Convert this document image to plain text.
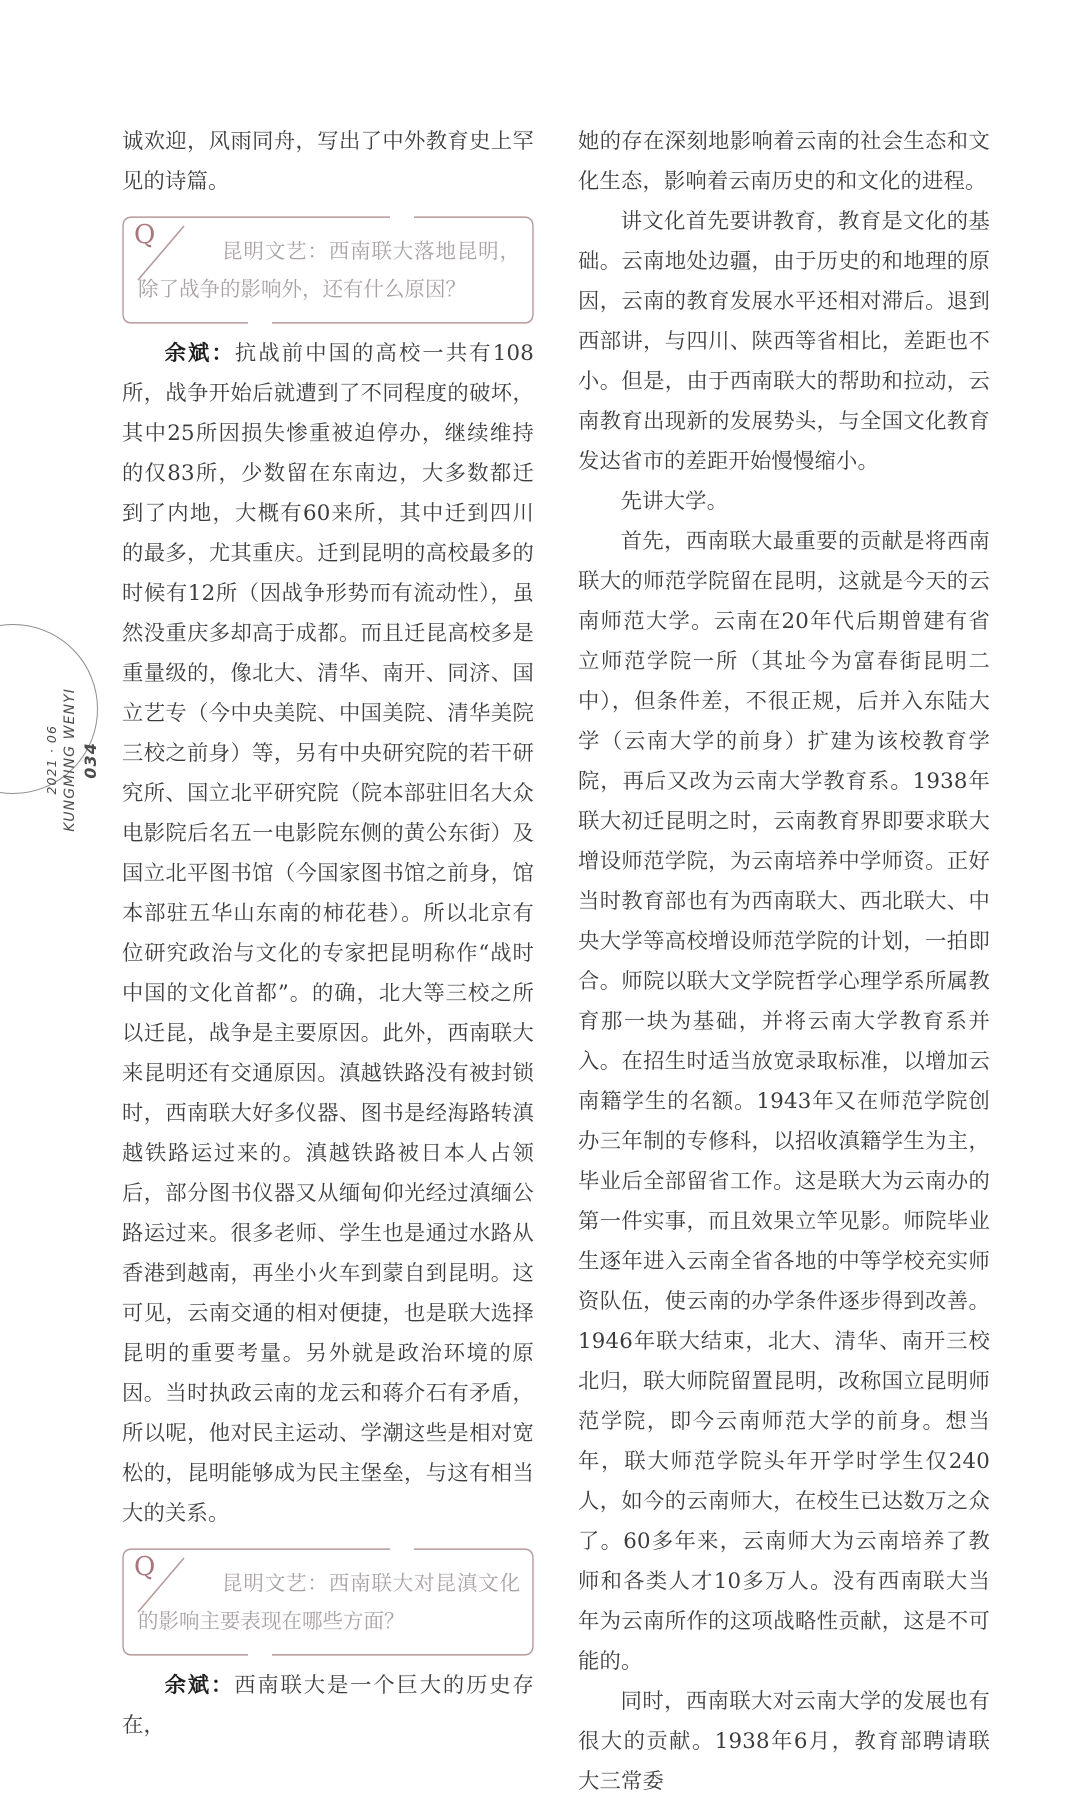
034
KUNGMING WENYI
2021 · 06

诚欢迎，风雨同舟，写出了中外教育史上罕见的诗篇。

Q

昆明文艺：西南联大落地昆明，除了战争的影响外，还有什么原因？

余斌：抗战前中国的高校一共有108所，战争开始后就遭到了不同程度的破坏，其中25所因损失惨重被迫停办，继续维持的仅83所，少数留在东南边，大多数都迁到了内地，大概有60来所，其中迁到四川的最多，尤其重庆。迁到昆明的高校最多的时候有12所（因战争形势而有流动性），虽然没重庆多却高于成都。而且迁昆高校多是重量级的，像北大、清华、南开、同济、国立艺专（今中央美院、中国美院、清华美院三校之前身）等，另有中央研究院的若干研究所、国立北平研究院（院本部驻旧名大众电影院后名五一电影院东侧的黄公东街）及国立北平图书馆（今国家图书馆之前身，馆本部驻五华山东南的柿花巷）。所以北京有位研究政治与文化的专家把昆明称作“战时中国的文化首都”。的确，北大等三校之所以迁昆，战争是主要原因。此外，西南联大来昆明还有交通原因。滇越铁路没有被封锁时，西南联大好多仪器、图书是经海路转滇越铁路运过来的。滇越铁路被日本人占领后，部分图书仪器又从缅甸仰光经过滇缅公路运过来。很多老师、学生也是通过水路从香港到越南，再坐小火车到蒙自到昆明。这可见，云南交通的相对便捷，也是联大选择昆明的重要考量。另外就是政治环境的原因。当时执政云南的龙云和蒋介石有矛盾，所以呢，他对民主运动、学潮这些是相对宽松的，昆明能够成为民主堡垒，与这有相当大的关系。

Q

昆明文艺：西南联大对昆滇文化的影响主要表现在哪些方面？

余斌：西南联大是一个巨大的历史存在，

她的存在深刻地影响着云南的社会生态和文化生态，影响着云南历史的和文化的进程。

讲文化首先要讲教育，教育是文化的基础。云南地处边疆，由于历史的和地理的原因，云南的教育发展水平还相对滞后。退到西部讲，与四川、陕西等省相比，差距也不小。但是，由于西南联大的帮助和拉动，云南教育出现新的发展势头，与全国文化教育发达省市的差距开始慢慢缩小。

先讲大学。

首先，西南联大最重要的贡献是将西南联大的师范学院留在昆明，这就是今天的云南师范大学。云南在20年代后期曾建有省立师范学院一所（其址今为富春街昆明二中），但条件差，不很正规，后并入东陆大学（云南大学的前身）扩建为该校教育学院，再后又改为云南大学教育系。1938年联大初迁昆明之时，云南教育界即要求联大增设师范学院，为云南培养中学师资。正好当时教育部也有为西南联大、西北联大、中央大学等高校增设师范学院的计划，一拍即合。师院以联大文学院哲学心理学系所属教育那一块为基础，并将云南大学教育系并入。在招生时适当放宽录取标准，以增加云南籍学生的名额。1943年又在师范学院创办三年制的专修科，以招收滇籍学生为主，毕业后全部留省工作。这是联大为云南办的第一件实事，而且效果立竿见影。师院毕业生逐年进入云南全省各地的中等学校充实师资队伍，使云南的办学条件逐步得到改善。1946年联大结束，北大、清华、南开三校北归，联大师院留置昆明，改称国立昆明师范学院，即今云南师范大学的前身。想当年，联大师范学院头年开学时学生仅240人，如今的云南师大，在校生已达数万之众了。60多年来，云南师大为云南培养了教师和各类人才10多万人。没有西南联大当年为云南所作的这项战略性贡献，这是不可能的。

同时，西南联大对云南大学的发展也有很大的贡献。1938年6月，教育部聘请联大三常委
